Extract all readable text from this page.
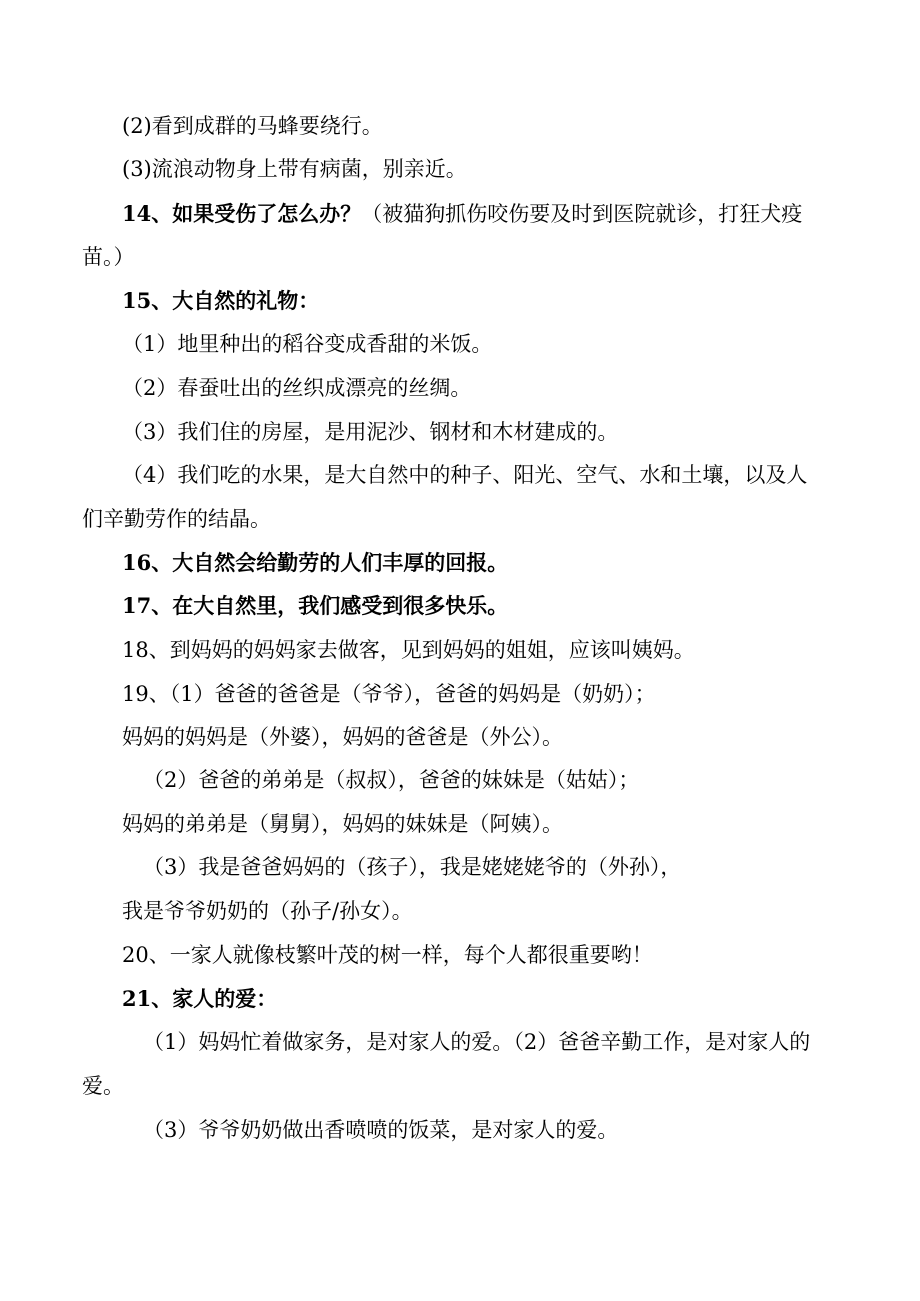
(2)看到成群的马蜂要绕行。
(3)流浪动物身上带有病菌，别亲近。
14、如果受伤了怎么办？（被猫狗抓伤咬伤要及时到医院就诊，打狂犬疫
苗。）
15、大自然的礼物：
（1）地里种出的稻谷变成香甜的米饭。
（2）春蚕吐出的丝织成漂亮的丝绸。
（3）我们住的房屋，是用泥沙、钢材和木材建成的。
（4）我们吃的水果，是大自然中的种子、阳光、空气、水和土壤，以及人
们辛勤劳作的结晶。
16、大自然会给勤劳的人们丰厚的回报。
17、在大自然里，我们感受到很多快乐。
18、到妈妈的妈妈家去做客，见到妈妈的姐姐，应该叫姨妈。
19、（1）爸爸的爸爸是（爷爷），爸爸的妈妈是（奶奶）；
妈妈的妈妈是（外婆），妈妈的爸爸是（外公）。
（2）爸爸的弟弟是（叔叔），爸爸的妹妹是（姑姑）；
妈妈的弟弟是（舅舅），妈妈的妹妹是（阿姨）。
（3）我是爸爸妈妈的（孩子），我是姥姥姥爷的（外孙），
我是爷爷奶奶的（孙子/孙女）。
20、一家人就像枝繁叶茂的树一样，每个人都很重要哟！
21、家人的爱：
（1）妈妈忙着做家务，是对家人的爱。（2）爸爸辛勤工作，是对家人的
爱。
（3）爷爷奶奶做出香喷喷的饭菜，是对家人的爱。
